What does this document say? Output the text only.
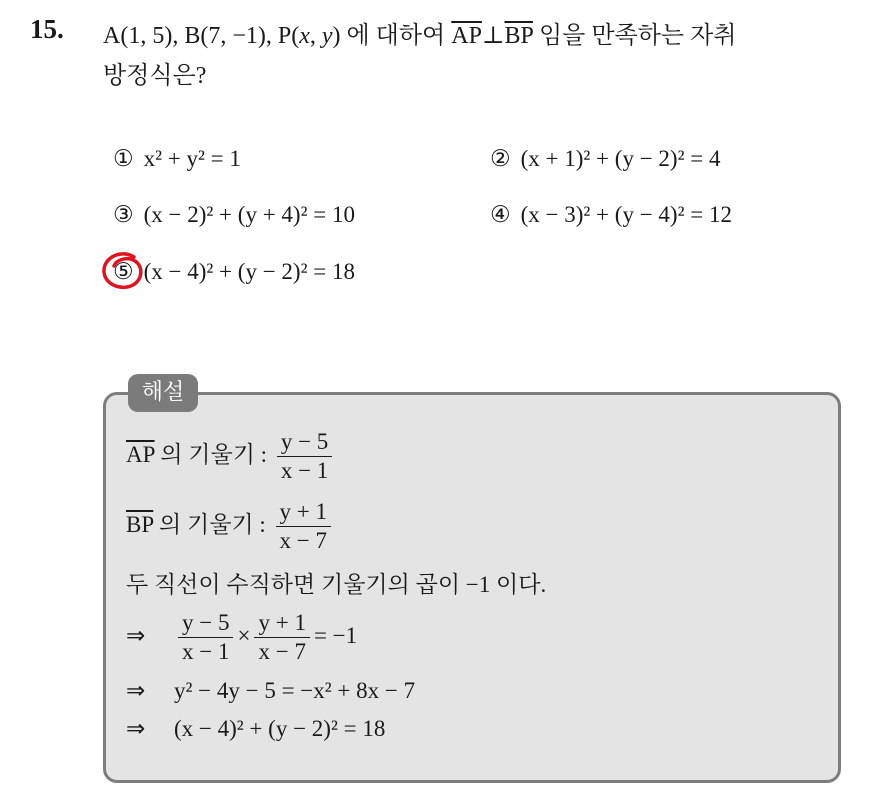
15. A(1, 5), B(7, −1), P(x, y) 에 대하여 $\overline{AP}\perp\overline{BP}$ 임을 만족하는 자취
방정식은?
① x² + y² = 1	② (x + 1)² + (y − 2)² = 4
③ (x − 2)² + (y + 4)² = 10	④ (x − 3)² + (y − 4)² = 12
⑤ (x − 4)² + (y − 2)² = 18
해설
$\overline{AP}$ 의 기울기 : $\frac{y - 5}{x - 1}$
$\overline{BP}$ 의 기울기 : $\frac{y + 1}{x - 7}$
두 직선이 수직하면 기울기의 곱이 −1 이다.
⇒ $\frac{y - 5}{x - 1} \times \frac{y + 1}{x - 7} = -1$
⇒ y² − 4y − 5 = −x² + 8x − 7
⇒ (x − 4)² + (y − 2)² = 18
